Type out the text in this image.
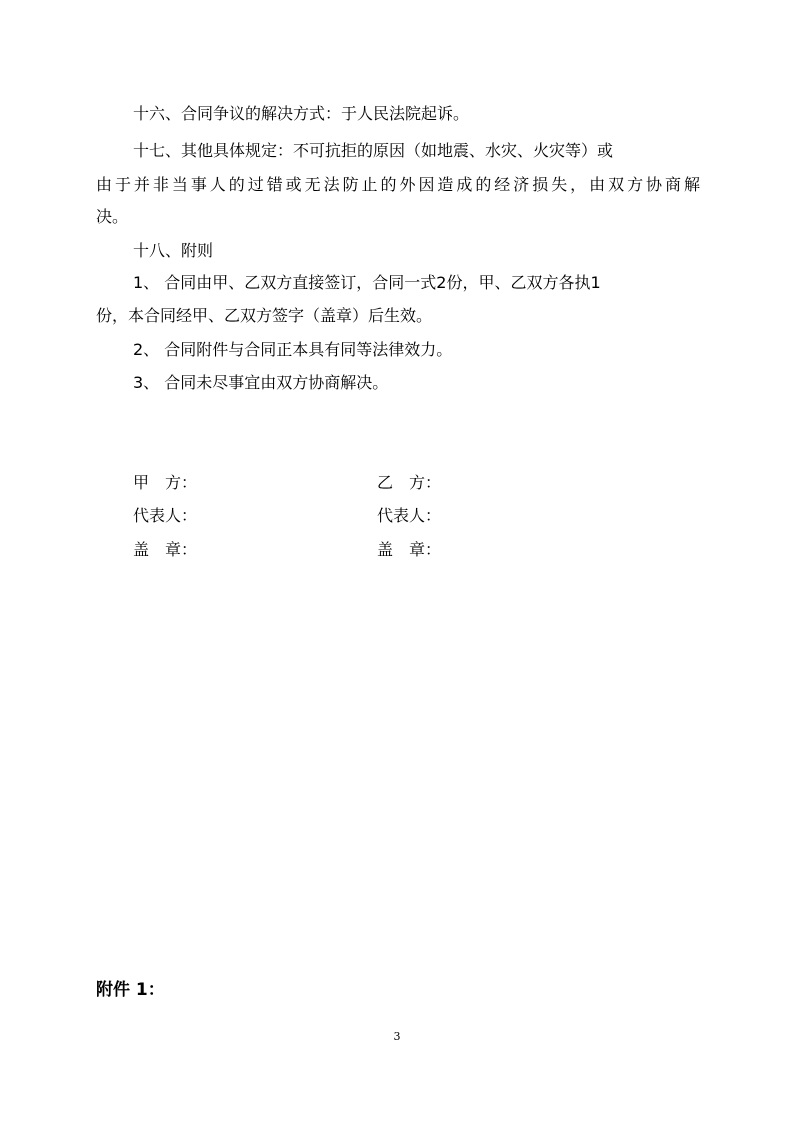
十六、合同争议的解决方式：于人民法院起诉。
十七、其他具体规定：不可抗拒的原因（如地震、水灾、火灾等）或
由于并非当事人的过错或无法防止的外因造成的经济损失，由双方协商解
决。
十八、附则
1、 合同由甲、乙双方直接签订，合同一式2份，甲、乙双方各执1
份，本合同经甲、乙双方签字（盖章）后生效。
2、 合同附件与合同正本具有同等法律效力。
3、 合同未尽事宜由双方协商解决。
甲　方：	乙　方：
代表人：	代表人：
盖　章：	盖　章：
附件 1：
3
